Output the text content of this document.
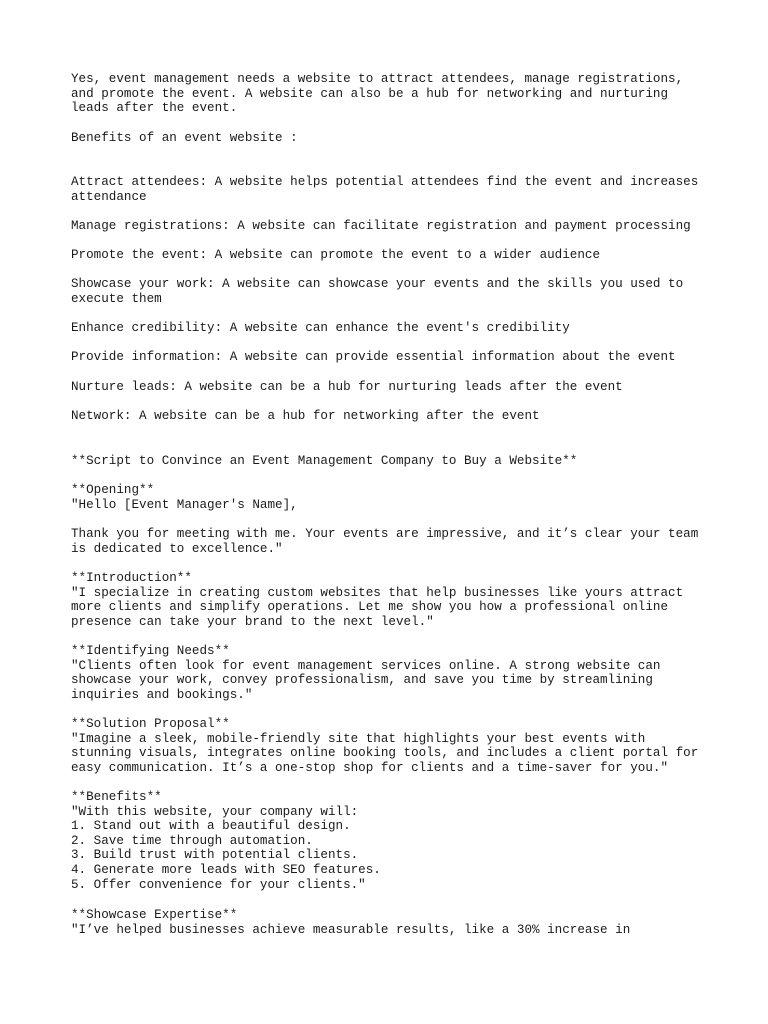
Yes, event management needs a website to attract attendees, manage registrations,
and promote the event. A website can also be a hub for networking and nurturing
leads after the event.

Benefits of an event website :

Attract attendees: A website helps potential attendees find the event and increases
attendance

Manage registrations: A website can facilitate registration and payment processing

Promote the event: A website can promote the event to a wider audience

Showcase your work: A website can showcase your events and the skills you used to
execute them

Enhance credibility: A website can enhance the event's credibility

Provide information: A website can provide essential information about the event

Nurture leads: A website can be a hub for nurturing leads after the event

Network: A website can be a hub for networking after the event

**Script to Convince an Event Management Company to Buy a Website**

**Opening**
"Hello [Event Manager's Name],

Thank you for meeting with me. Your events are impressive, and it’s clear your team
is dedicated to excellence."

**Introduction**
"I specialize in creating custom websites that help businesses like yours attract
more clients and simplify operations. Let me show you how a professional online
presence can take your brand to the next level."

**Identifying Needs**
"Clients often look for event management services online. A strong website can
showcase your work, convey professionalism, and save you time by streamlining
inquiries and bookings."

**Solution Proposal**
"Imagine a sleek, mobile-friendly site that highlights your best events with
stunning visuals, integrates online booking tools, and includes a client portal for
easy communication. It’s a one-stop shop for clients and a time-saver for you."

**Benefits**
"With this website, your company will:
1. Stand out with a beautiful design.
2. Save time through automation.
3. Build trust with potential clients.
4. Generate more leads with SEO features.
5. Offer convenience for your clients."

**Showcase Expertise**
"I’ve helped businesses achieve measurable results, like a 30% increase in
